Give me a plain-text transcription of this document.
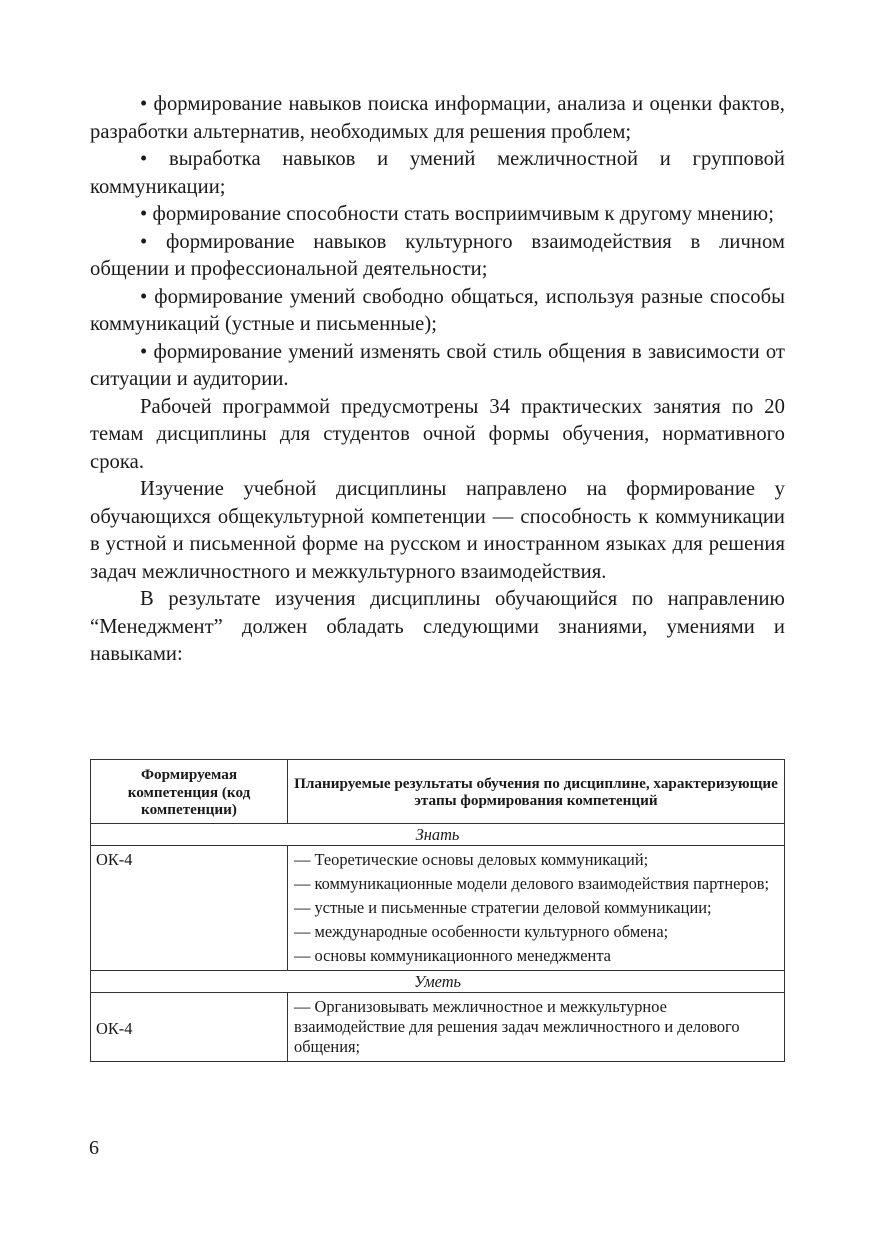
• формирование навыков поиска информации, анализа и оценки фактов, разработки альтернатив, необходимых для решения проблем;

• выработка навыков и умений межличностной и групповой коммуникации;

• формирование способности стать восприимчивым к другому мнению;

• формирование навыков культурного взаимодействия в личном общении и профессиональной деятельности;

• формирование умений свободно общаться, используя разные способы коммуникаций (устные и письменные);

• формирование умений изменять свой стиль общения в зависимости от ситуации и аудитории.

Рабочей программой предусмотрены 34 практических занятия по 20 темам дисциплины для студентов очной формы обучения, нормативного срока.

Изучение учебной дисциплины направлено на формирование у обучающихся общекультурной компетенции — способность к коммуникации в устной и письменной форме на русском и иностранном языках для решения задач межличностного и межкультурного взаимодействия.

В результате изучения дисциплины обучающийся по направлению “Менеджмент” должен обладать следующими знаниями, умениями и навыками:

Формируемая компетенция (код компетенции)	Планируемые результаты обучения по дисциплине, характеризующие этапы формирования компетенций
Знать	
ОК-4	— Теоретические основы деловых коммуникаций;
— коммуникационные модели делового взаимодействия партнеров;
— устные и письменные стратегии деловой коммуникации;
— международные особенности культурного обмена;
— основы коммуникационного менеджмента

Уметь	
ОК-4	— Организовывать межличностное и межкультурное взаимодействие для решения задач межличностного и делового общения;
6
